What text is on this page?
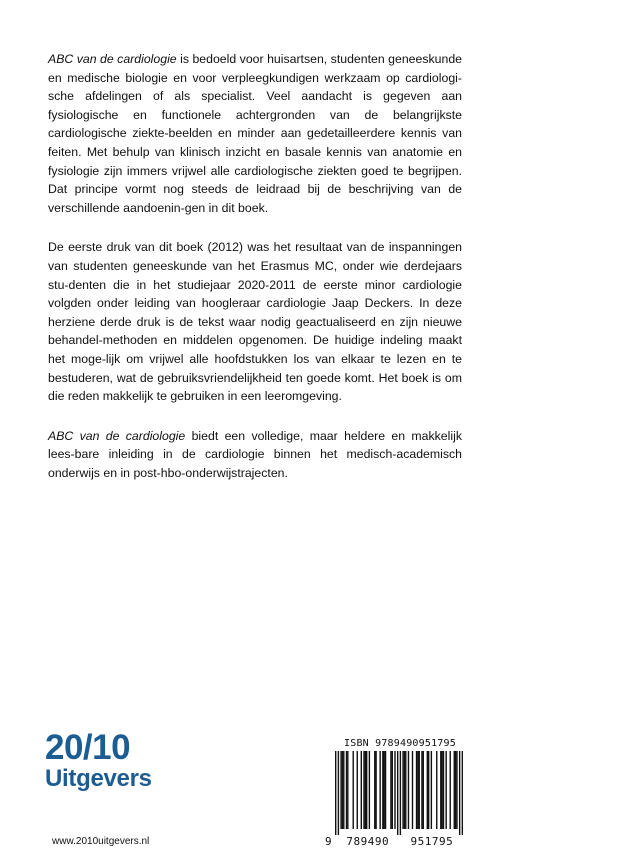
ABC van de cardiologie is bedoeld voor huisartsen, studenten geneeskunde en medische biologie en voor verpleegkundigen werkzaam op cardiologi-sche afdelingen of als specialist. Veel aandacht is gegeven aan fysiologische en functionele achtergronden van de belangrijkste cardiologische ziekte-beelden en minder aan gedetailleerdere kennis van feiten. Met behulp van klinisch inzicht en basale kennis van anatomie en fysiologie zijn immers vrijwel alle cardiologische ziekten goed te begrijpen. Dat principe vormt nog steeds de leidraad bij de beschrijving van de verschillende aandoenin-gen in dit boek.

De eerste druk van dit boek (2012) was het resultaat van de inspanningen van studenten geneeskunde van het Erasmus MC, onder wie derdejaars stu-denten die in het studiejaar 2020-2011 de eerste minor cardiologie volgden onder leiding van hoogleraar cardiologie Jaap Deckers. In deze herziene derde druk is de tekst waar nodig geactualiseerd en zijn nieuwe behandel-methoden en middelen opgenomen. De huidige indeling maakt het moge-lijk om vrijwel alle hoofdstukken los van elkaar te lezen en te bestuderen, wat de gebruiksvriendelijkheid ten goede komt. Het boek is om die reden makkelijk te gebruiken in een leeromgeving.

ABC van de cardiologie biedt een volledige, maar heldere en makkelijk lees-bare inleiding in de cardiologie binnen het medisch-academisch onderwijs en in post-hbo-onderwijstrajecten.

20/10
Uitgevers
www.2010uitgevers.nl
ISBN 9789490951795
9 789490 951795
